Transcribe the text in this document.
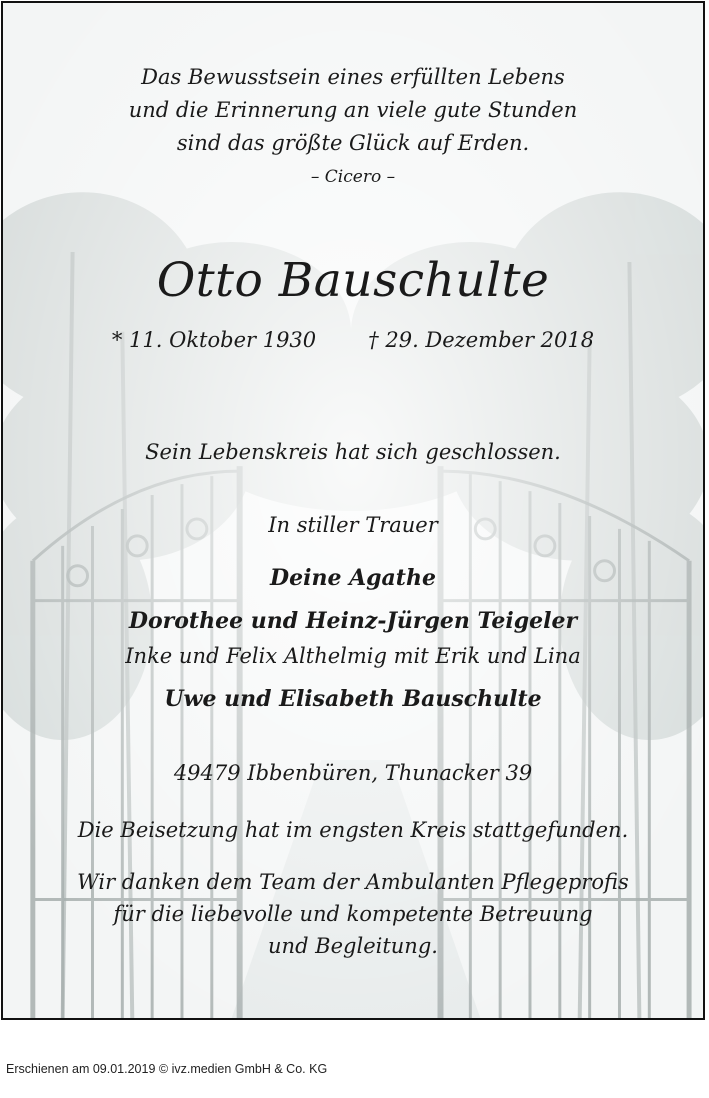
Das Bewusstsein eines erfüllten Lebens

und die Erinnerung an viele gute Stunden

sind das größte Glück auf Erden.

– Cicero –

Otto Bauschulte

* 11. Oktober 1930 † 29. Dezember 2018

Sein Lebenskreis hat sich geschlossen.

In stiller Trauer

Deine Agathe

Dorothee und Heinz-Jürgen Teigeler

Inke und Felix Althelmig mit Erik und Lina

Uwe und Elisabeth Bauschulte

49479 Ibbenbüren, Thunacker 39

Die Beisetzung hat im engsten Kreis stattgefunden.

Wir danken dem Team der Ambulanten Pflegeprofis

für die liebevolle und kompetente Betreuung

und Begleitung.

Erschienen am 09.01.2019 © ivz.medien GmbH & Co. KG
